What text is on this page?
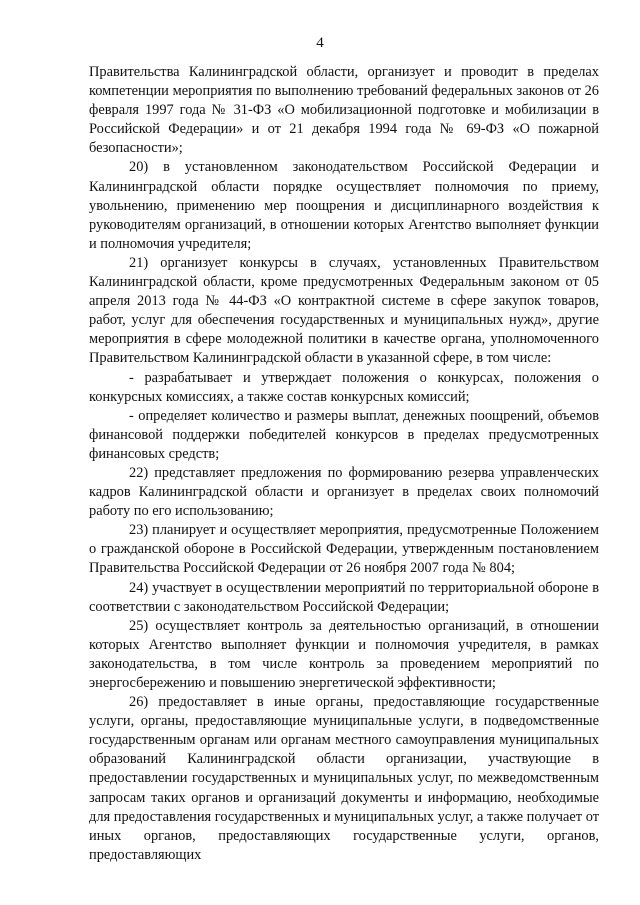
4

Правительства Калининградской области, организует и проводит в пределах компетенции мероприятия по выполнению требований федеральных законов от 26 февраля 1997 года № 31-ФЗ «О мобилизационной подготовке и мобилизации в Российской Федерации» и от 21 декабря 1994 года № 69-ФЗ «О пожарной безопасности»;

20) в установленном законодательством Российской Федерации и Калининградской области порядке осуществляет полномочия по приему, увольнению, применению мер поощрения и дисциплинарного воздействия к руководителям организаций, в отношении которых Агентство выполняет функции и полномочия учредителя;

21) организует конкурсы в случаях, установленных Правительством Калининградской области, кроме предусмотренных Федеральным законом от 05 апреля 2013 года № 44-ФЗ «О контрактной системе в сфере закупок товаров, работ, услуг для обеспечения государственных и муниципальных нужд», другие мероприятия в сфере молодежной политики в качестве органа, уполномоченного Правительством Калининградской области в указанной сфере, в том числе:

- разрабатывает и утверждает положения о конкурсах, положения о конкурсных комиссиях, а также состав конкурсных комиссий;

- определяет количество и размеры выплат, денежных поощрений, объемов финансовой поддержки победителей конкурсов в пределах предусмотренных финансовых средств;

22) представляет предложения по формированию резерва управленческих кадров Калининградской области и организует в пределах своих полномочий работу по его использованию;

23) планирует и осуществляет мероприятия, предусмотренные Положением о гражданской обороне в Российской Федерации, утвержденным постановлением Правительства Российской Федерации от 26 ноября 2007 года № 804;

24) участвует в осуществлении мероприятий по территориальной обороне в соответствии с законодательством Российской Федерации;

25) осуществляет контроль за деятельностью организаций, в отношении которых Агентство выполняет функции и полномочия учредителя, в рамках законодательства, в том числе контроль за проведением мероприятий по энергосбережению и повышению энергетической эффективности;

26) предоставляет в иные органы, предоставляющие государственные услуги, органы, предоставляющие муниципальные услуги, в подведомственные государственным органам или органам местного самоуправления муниципальных образований Калининградской области организации, участвующие в предоставлении государственных и муниципальных услуг, по межведомственным запросам таких органов и организаций документы и информацию, необходимые для предоставления государственных и муниципальных услуг, а также получает от иных органов, предоставляющих государственные услуги, органов, предоставляющих
